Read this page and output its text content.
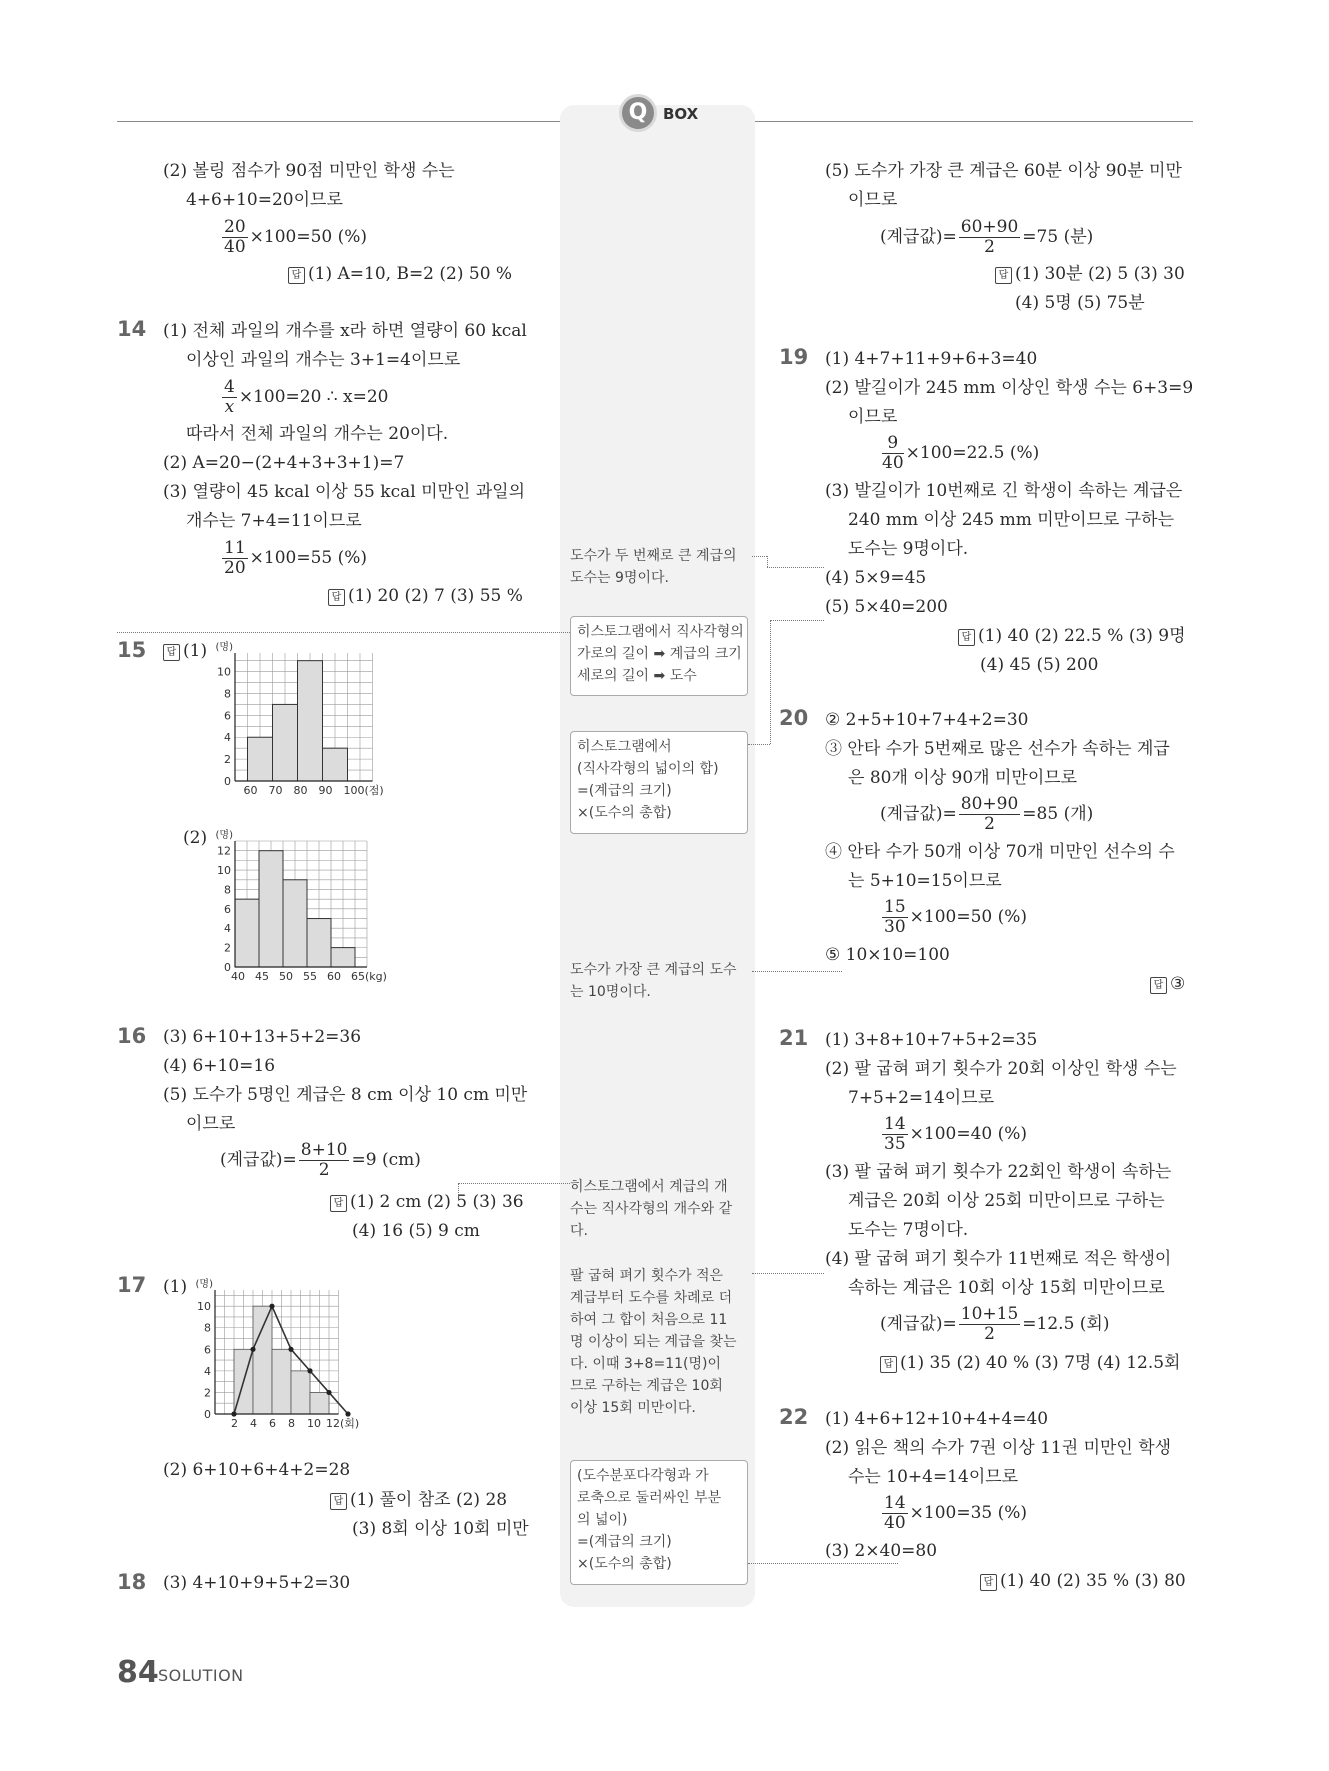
Q	BOX
(2) 볼링 점수가 90점 미만인 학생 수는
4+6+10=20이므로
$\frac{20}{40} \times 100=50$ (%)
답 (1) A=10, B=2 (2) 50 %
14 (1) 전체 과일의 개수를 x라 하면 열량이 60 kcal
이상인 과일의 개수는 3+1=4이므로
$\frac{4}{x} \times 100=20$ ∴ x=20
따라서 전체 과일의 개수는 20이다.
(2) A=20−(2+4+3+3+1)=7
(3) 열량이 45 kcal 이상 55 kcal 미만인 과일의
개수는 7+4=11이므로
$\frac{11}{20} \times 100=55$ (%)
답 (1) 20 (2) 7 (3) 55 %
15	답 (1)
0
2
4
6
8
10
(명)
60 70 80 90 100(점)
(2)
0
2
4
6
8
10
12
(명)
40 45 50 55 60 65(kg)
16 (3) 6+10+13+5+2=36
(4) 6+10=16
(5) 도수가 5명인 계급은 8 cm 이상 10 cm 미만
이므로
(계급값)= $\frac{8+10}{2} =9$ (cm)
답 (1) 2 cm (2) 5 (3) 36
(4) 16 (5) 9 cm
17 (1)
0
2
4
6
8
10
(명)
2 4 6 8 10 12(회)
(2) 6+10+6+4+2=28
답 (1) 풀이 참조 (2) 28
(3) 8회 이상 10회 미만
18 (3) 4+10+9+5+2=30
(5) 도수가 가장 큰 계급은 60분 이상 90분 미만
이므로
(계급값)= $\frac{60+90}{2} =75$ (분)
답 (1) 30분 (2) 5 (3) 30
(4) 5명 (5) 75분
19 (1) 4+7+11+9+6+3=40
(2) 발길이가 245 mm 이상인 학생 수는 6+3=9
이므로
$\frac{9}{40} \times 100=22.5$ (%)
(3) 발길이가 10번째로 긴 학생이 속하는 계급은
240 mm 이상 245 mm 미만이므로 구하는
도수는 9명이다.
(4) 5×9=45
(5) 5×40=200
답 (1) 40 (2) 22.5 % (3) 9명
(4) 45 (5) 200
20 ② 2+5+10+7+4+2=30
③ 안타 수가 5번째로 많은 선수가 속하는 계급
은 80개 이상 90개 미만이므로
(계급값)= $\frac{80+90}{2} =85$ (개)
④ 안타 수가 50개 이상 70개 미만인 선수의 수
는 5+10=15이므로
$\frac{15}{30} \times 100=50$ (%)
⑤ 10×10=100
답 ③
21 (1) 3+8+10+7+5+2=35
(2) 팔 굽혀 펴기 횟수가 20회 이상인 학생 수는
7+5+2=14이므로
$\frac{14}{35} \times 100=40$ (%)
(3) 팔 굽혀 펴기 횟수가 22회인 학생이 속하는
계급은 20회 이상 25회 미만이므로 구하는
도수는 7명이다.
(4) 팔 굽혀 펴기 횟수가 11번째로 적은 학생이
속하는 계급은 10회 이상 15회 미만이므로
(계급값)= $\frac{10+15}{2} =12.5$ (회)
답 (1) 35 (2) 40 % (3) 7명 (4) 12.5회
22 (1) 4+6+12+10+4+4=40
(2) 읽은 책의 수가 7권 이상 11권 미만인 학생
수는 10+4=14이므로
$\frac{14}{40} \times 100=35$ (%)
(3) 2×40=80
답 (1) 40 (2) 35 % (3) 80
도수가 두 번째로 큰 계급의
도수는 9명이다.
히스토그램에서 직사각형의
가로의 길이 ➡ 계급의 크기
세로의 길이 ➡ 도수
히스토그램에서
(직사각형의 넓이의 합)
=(계급의 크기)
×(도수의 총합)
도수가 가장 큰 계급의 도수
는 10명이다.
히스토그램에서 계급의 개
수는 직사각형의 개수와 같
다.
팔 굽혀 펴기 횟수가 적은
계급부터 도수를 차례로 더
하여 그 합이 처음으로 11
명 이상이 되는 계급을 찾는
다. 이때 3+8=11(명)이
므로 구하는 계급은 10회
이상 15회 미만이다.
(도수분포다각형과 가
로축으로 둘러싸인 부분
의 넓이)
=(계급의 크기)
×(도수의 총합)
84 SOLUTION
